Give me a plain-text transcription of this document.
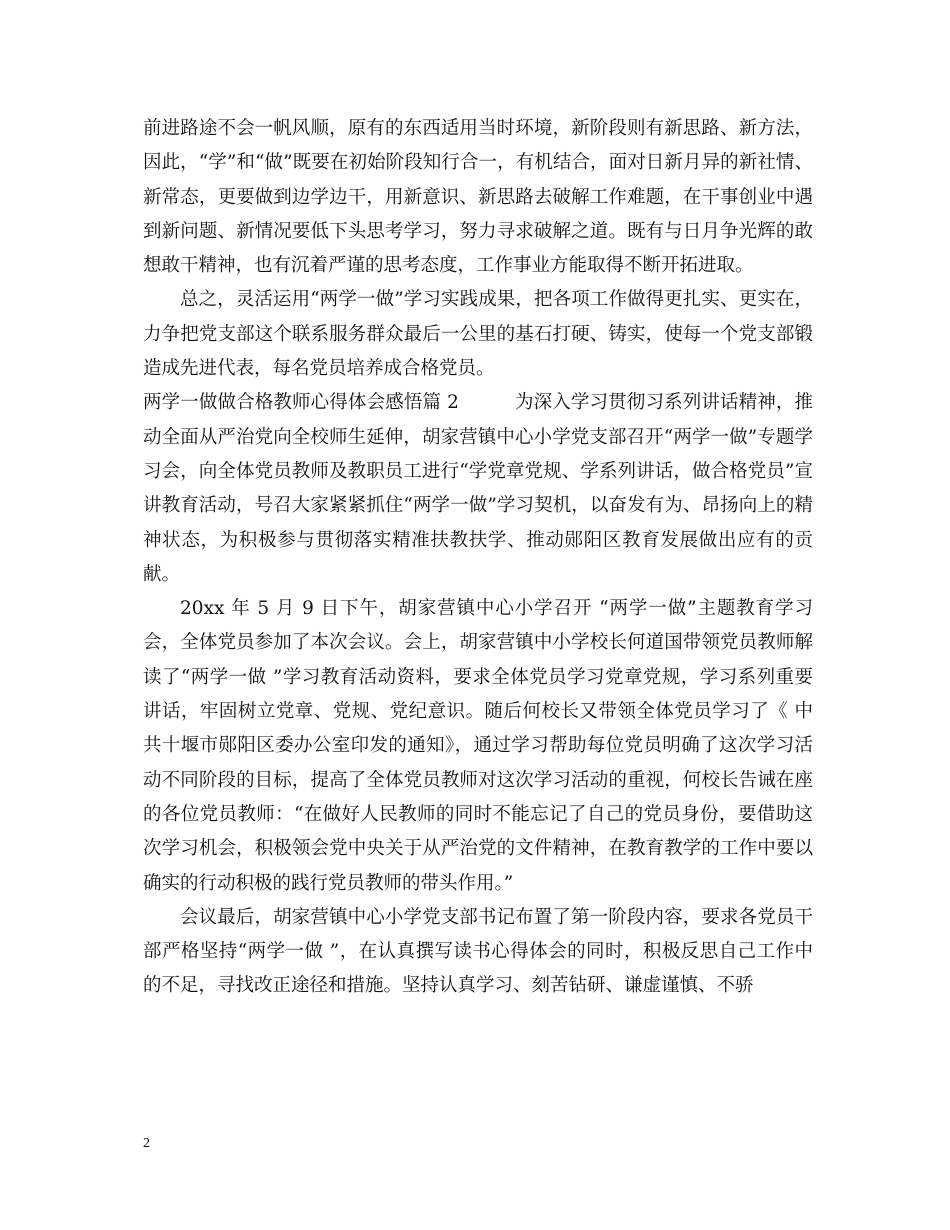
前进路途不会一帆风顺，原有的东西适用当时环境，新阶段则有新思路、新方法，因此，“学”和“做”既要在初始阶段知行合一，有机结合，面对日新月异的新社情、新常态，更要做到边学边干，用新意识、新思路去破解工作难题，在干事创业中遇到新问题、新情况要低下头思考学习，努力寻求破解之道。既有与日月争光辉的敢想敢干精神，也有沉着严谨的思考态度，工作事业方能取得不断开拓进取。

总之，灵活运用“两学一做”学习实践成果，把各项工作做得更扎实、更实在，力争把党支部这个联系服务群众最后一公里的基石打硬、铸实，使每一个党支部锻造成先进代表，每名党员培养成合格党员。

两学一做做合格教师心得体会感悟篇 2	为深入学习贯彻习系列讲话精神，推动全面从严治党向全校师生延伸，胡家营镇中心小学党支部召开“两学一做”专题学习会，向全体党员教师及教职员工进行“学党章党规、学系列讲话，做合格党员”宣讲教育活动，号召大家紧紧抓住“两学一做”学习契机，以奋发有为、昂扬向上的精神状态，为积极参与贯彻落实精准扶教扶学、推动郧阳区教育发展做出应有的贡献。

20xx 年 5 月 9 日下午，胡家营镇中心小学召开 “两学一做”主题教育学习会，全体党员参加了本次会议。会上，胡家营镇中小学校长何道国带领党员教师解读了“两学一做 ”学习教育活动资料，要求全体党员学习党章党规，学习系列重要讲话，牢固树立党章、党规、党纪意识。随后何校长又带领全体党员学习了《 中共十堰市郧阳区委办公室印发的通知》，通过学习帮助每位党员明确了这次学习活动不同阶段的目标，提高了全体党员教师对这次学习活动的重视，何校长告诫在座的各位党员教师：“在做好人民教师的同时不能忘记了自己的党员身份，要借助这次学习机会，积极领会党中央关于从严治党的文件精神，在教育教学的工作中要以确实的行动积极的践行党员教师的带头作用。”

会议最后，胡家营镇中心小学党支部书记布置了第一阶段内容，要求各党员干部严格坚持“两学一做 ”，在认真撰写读书心得体会的同时，积极反思自己工作中的不足，寻找改正途径和措施。坚持认真学习、刻苦钻研、谦虚谨慎、不骄

2
